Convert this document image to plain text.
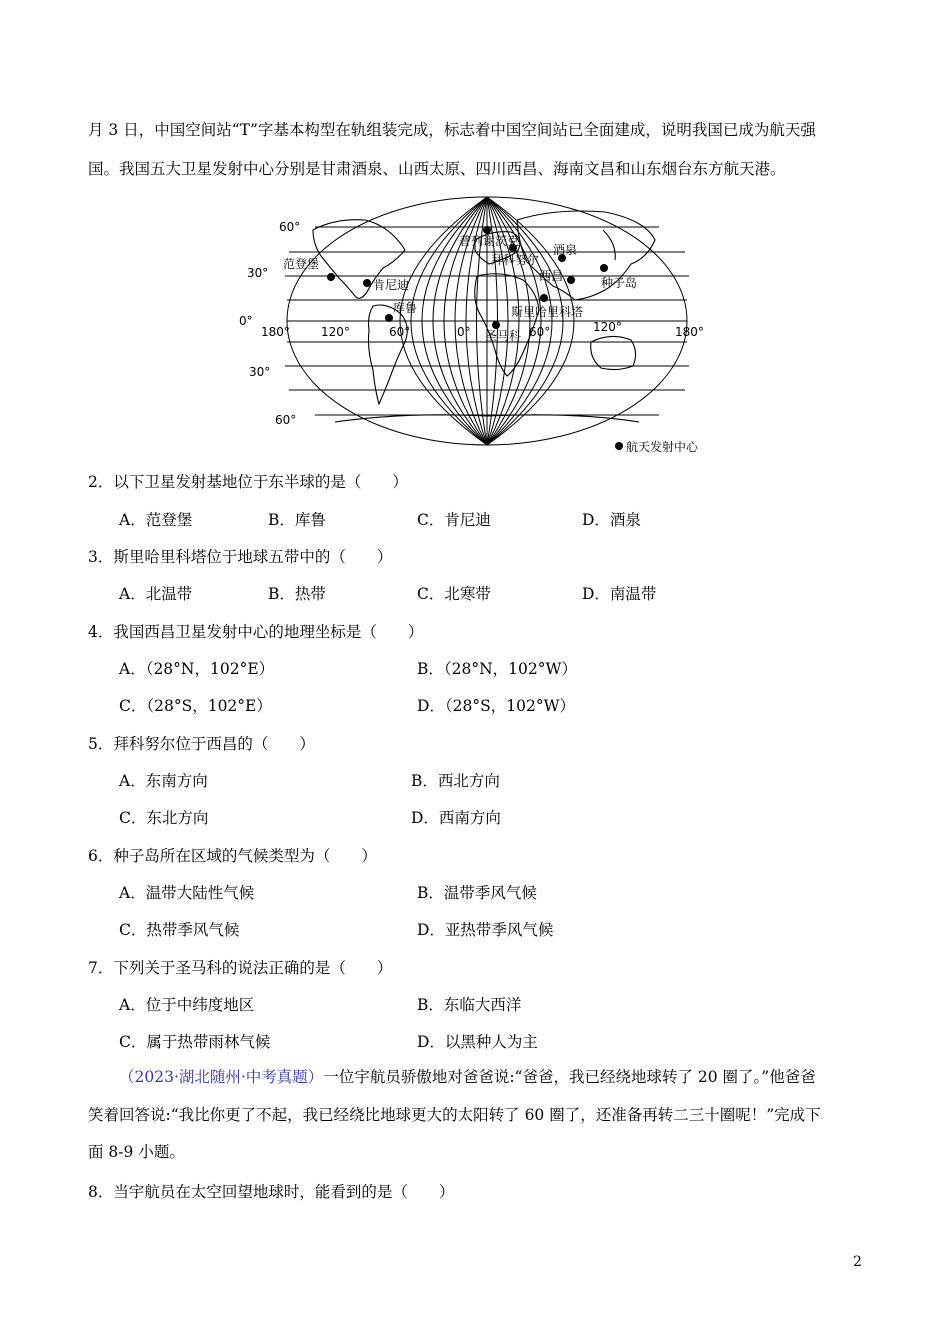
月 3 日，中国空间站“T”字基本构型在轨组装完成，标志着中国空间站已全面建成，说明我国已成为航天强
国。我国五大卫星发射中心分别是甘肃酒泉、山西太原、四川西昌、海南文昌和山东烟台东方航天港。
60°
30°
0°
30°
60°
180°	120°	60°	0°	60°	120°	180°
普列谢茨克
拜科努尔
酒泉
西昌	种子岛
范登堡
肯尼迪
库鲁	斯里哈里科塔
圣马科
航天发射中心
2．以下卫星发射基地位于东半球的是（　　）
A．范登堡	B．库鲁	C．肯尼迪	D．酒泉
3．斯里哈里科塔位于地球五带中的（　　）
A．北温带	B．热带	C．北寒带	D．南温带
4．我国西昌卫星发射中心的地理坐标是（　　）
A．（28°N，102°E）	B．（28°N，102°W）
C．（28°S，102°E）	D．（28°S，102°W）
5．拜科努尔位于西昌的（　　）
A．东南方向	B．西北方向
C．东北方向	D．西南方向
6．种子岛所在区域的气候类型为（　　）
A．温带大陆性气候	B．温带季风气候
C．热带季风气候	D．亚热带季风气候
7．下列关于圣马科的说法正确的是（　　）
A．位于中纬度地区	B．东临大西洋
C．属于热带雨林气候	D．以黑种人为主
（2023·湖北随州·中考真题）一位宇航员骄傲地对爸爸说:“爸爸，我已经绕地球转了 20 圈了。”他爸爸
笑着回答说:“我比你更了不起，我已经绕比地球更大的太阳转了 60 圈了，还准备再转二三十圈呢！”完成下
面 8-9 小题。
8．当宇航员在太空回望地球时，能看到的是（　　）
2
